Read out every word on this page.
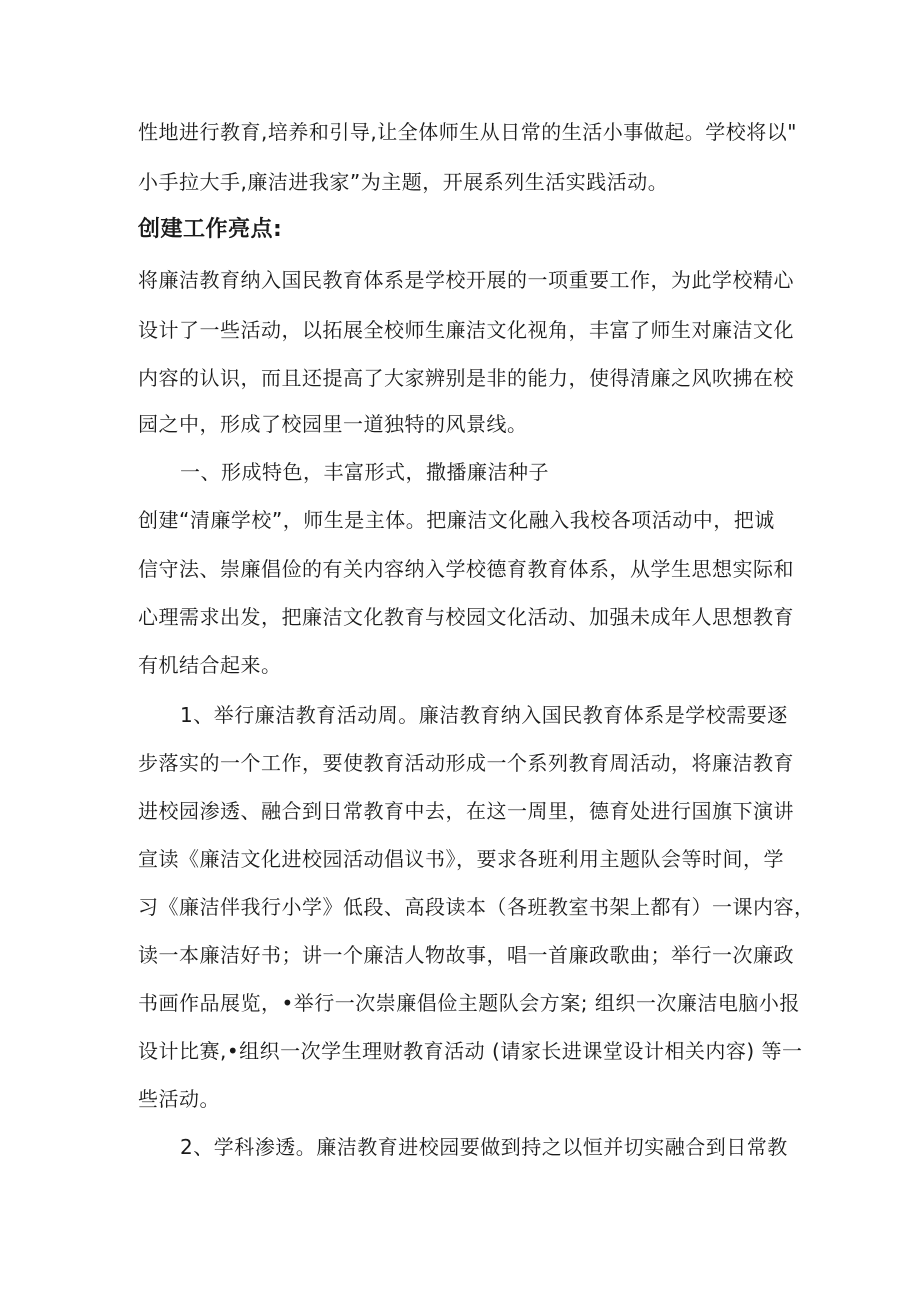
性地进行教育,培养和引导,让全体师生从日常的生活小事做起。学校将以"
小手拉大手,廉洁进我家”为主题，开展系列生活实践活动。
创建工作亮点:
将廉洁教育纳入国民教育体系是学校开展的一项重要工作，为此学校精心
设计了一些活动，以拓展全校师生廉洁文化视角，丰富了师生对廉洁文化
内容的认识，而且还提高了大家辨别是非的能力，使得清廉之风吹拂在校
园之中，形成了校园里一道独特的风景线。
一、形成特色，丰富形式，撒播廉洁种子
创建“清廉学校”，师生是主体。把廉洁文化融入我校各项活动中，把诚
信守法、崇廉倡俭的有关内容纳入学校德育教育体系，从学生思想实际和
心理需求出发，把廉洁文化教育与校园文化活动、加强未成年人思想教育
有机结合起来。
1、举行廉洁教育活动周。廉洁教育纳入国民教育体系是学校需要逐
步落实的一个工作，要使教育活动形成一个系列教育周活动，将廉洁教育
进校园渗透、融合到日常教育中去，在这一周里，德育处进行国旗下演讲
宣读《廉洁文化进校园活动倡议书》，要求各班利用主题队会等时间，学
习《廉洁伴我行小学》低段、高段读本（各班教室书架上都有）一课内容，
读一本廉洁好书；讲一个廉洁人物故事，唱一首廉政歌曲；举行一次廉政
书画作品展览，•举行一次崇廉倡俭主题队会方案; 组织一次廉洁电脑小报
设计比赛,•组织一次学生理财教育活动 (请家长进课堂设计相关内容) 等一
些活动。
2、学科渗透。廉洁教育进校园要做到持之以恒并切实融合到日常教
